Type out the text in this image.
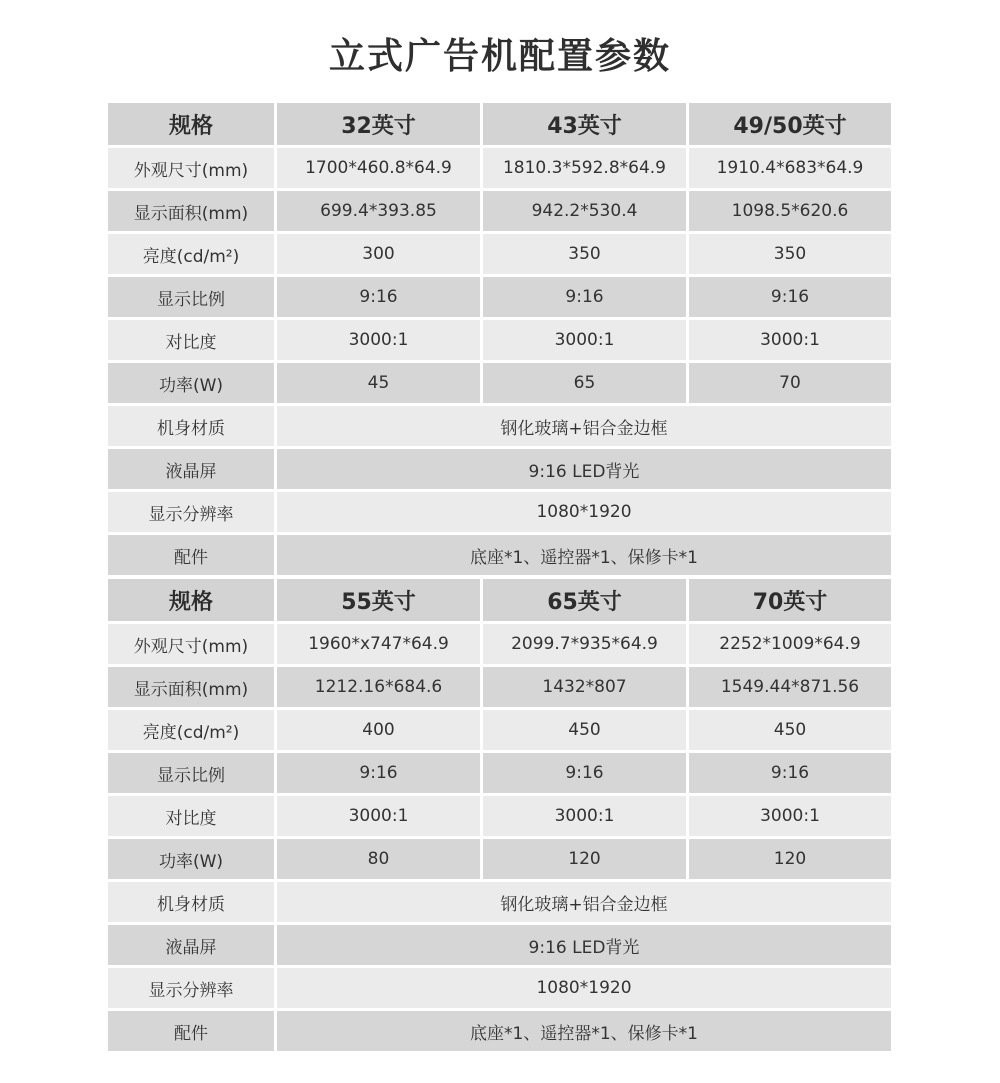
立式广告机配置参数
规格	32英寸	43英寸	49/50英寸
外观尺寸(mm)	1700*460.8*64.9	1810.3*592.8*64.9	1910.4*683*64.9
显示面积(mm)	699.4*393.85	942.2*530.4	1098.5*620.6
亮度(cd/m²)	300	350	350
显示比例	9:16	9:16	9:16
对比度	3000:1	3000:1	3000:1
功率(W)	45	65	70
机身材质	钢化玻璃+铝合金边框		
液晶屏	9:16 LED背光		
显示分辨率	1080*1920		
配件	底座*1、遥控器*1、保修卡*1		
规格	55英寸	65英寸	70英寸
外观尺寸(mm)	1960*x747*64.9	2099.7*935*64.9	2252*1009*64.9
显示面积(mm)	1212.16*684.6	1432*807	1549.44*871.56
亮度(cd/m²)	400	450	450
显示比例	9:16	9:16	9:16
对比度	3000:1	3000:1	3000:1
功率(W)	80	120	120
机身材质	钢化玻璃+铝合金边框		
液晶屏	9:16 LED背光		
显示分辨率	1080*1920		
配件	底座*1、遥控器*1、保修卡*1		
